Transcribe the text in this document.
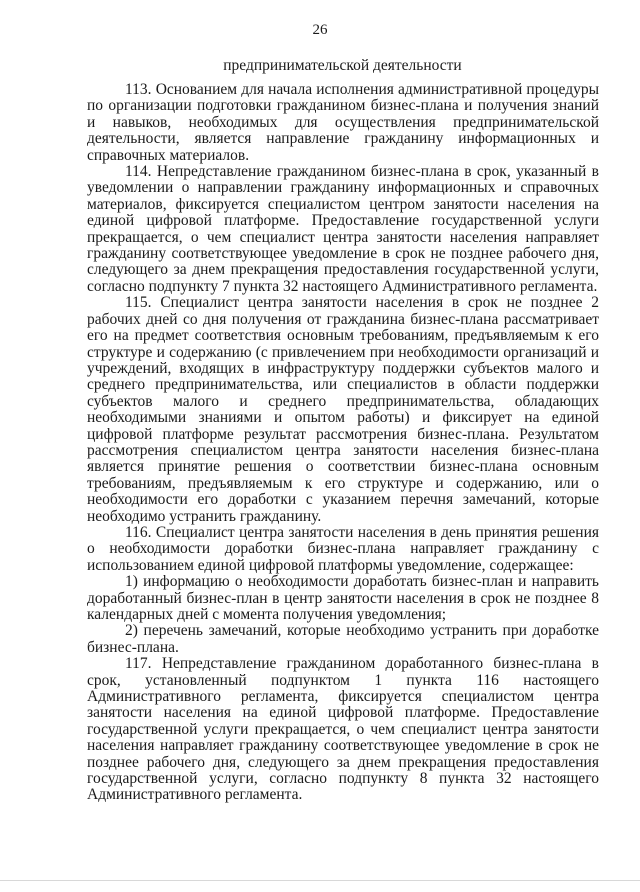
26
предпринимательской деятельности

113. Основанием для начала исполнения административной процедуры по организации подготовки гражданином бизнес-плана и получения знаний и навыков, необходимых для осуществления предпринимательской деятельности, является направление гражданину информационных и справочных материалов.

114. Непредставление гражданином бизнес-плана в срок, указанный в уведомлении о направлении гражданину информационных и справочных материалов, фиксируется специалистом центром занятости населения на единой цифровой платформе. Предоставление государственной услуги прекращается, о чем специалист центра занятости населения направляет гражданину соответствующее уведомление в срок не позднее рабочего дня, следующего за днем прекращения предоставления государственной услуги, согласно подпункту 7 пункта 32 настоящего Административного регламента.

115. Специалист центра занятости населения в срок не позднее 2 рабочих дней со дня получения от гражданина бизнес-плана рассматривает его на предмет соответствия основным требованиям, предъявляемым к его структуре и содержанию (с привлечением при необходимости организаций и учреждений, входящих в инфраструктуру поддержки субъектов малого и среднего предпринимательства, или специалистов в области поддержки субъектов малого и среднего предпринимательства, обладающих необходимыми знаниями и опытом работы) и фиксирует на единой цифровой платформе результат рассмотрения бизнес-плана. Результатом рассмотрения специалистом центра занятости населения бизнес-плана является принятие решения о соответствии бизнес-плана основным требованиям, предъявляемым к его структуре и содержанию, или о необходимости его доработки с указанием перечня замечаний, которые необходимо устранить гражданину.

116. Специалист центра занятости населения в день принятия решения о необходимости доработки бизнес-плана направляет гражданину с использованием единой цифровой платформы уведомление, содержащее:

1) информацию о необходимости доработать бизнес-план и направить доработанный бизнес-план в центр занятости населения в срок не позднее 8 календарных дней с момента получения уведомления;

2) перечень замечаний, которые необходимо устранить при доработке бизнес-плана.

117. Непредставление гражданином доработанного бизнес-плана в срок, установленный подпунктом 1 пункта 116 настоящего Административного регламента, фиксируется специалистом центра занятости населения на единой цифровой платформе. Предоставление государственной услуги прекращается, о чем специалист центра занятости населения направляет гражданину соответствующее уведомление в срок не позднее рабочего дня, следующего за днем прекращения предоставления государственной услуги, согласно подпункту 8 пункта 32 настоящего Административного регламента.
